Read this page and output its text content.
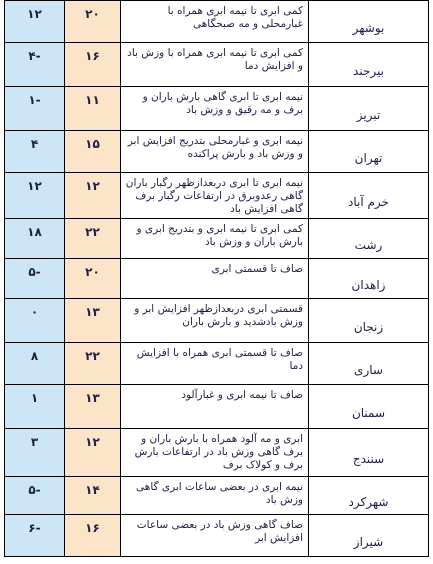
بوشهر	کمی ابری تا نیمه ابری همراه با غبارمحلی و مه صبحگاهی	۲۰	۱۲
بیرجند	کمی ابری تا نیمه ابری همراه با وزش باد و افزایش دما	۱۶	-۴
تبریز	نیمه ابری تا ابری گاهی بارش باران و برف و مه رقیق و وزش باد	۱۱	-۱
تهران	نیمه ابری و غبارمحلی بتدریج افزایش ابر و وزش باد و بارش پراکنده	۱۵	۴
خرم آباد	نیمه ابری تا ابری دربعدازظهر رگبار باران گاهی رعدوبرق در ارتفاعات رگبار برف گاهی افزایش باد	۱۲	۱۲
رشت	کمی ابری تا نیمه ابری و بتدریج ابری و بارش باران و وزش باد	۲۲	۱۸
زاهدان	صاف تا قسمتی ابری	۲۰	-۵
زنجان	قسمتی ابری دربعدازظهر افزایش ابر و وزش بادشدید و بارش باران	۱۳	۰
ساری	صاف تا قسمتی ابری همراه با افزایش دما	۲۲	۸
سمنان	صاف تا نیمه ابری و غبارآلود	۱۳	۱
سنندج	ابری و مه آلود همراه با بارش باران و برف گاهی وزش باد در ارتفاعات بارش برف و کولاک برف	۱۲	۳
شهرکرد	نیمه ابری در بعضی ساعات ابری گاهی وزش باد	۱۴	-۵
شیراز	صاف گاهی وزش باد در بعضی ساعات افزایش ابر	۱۶	-۶
